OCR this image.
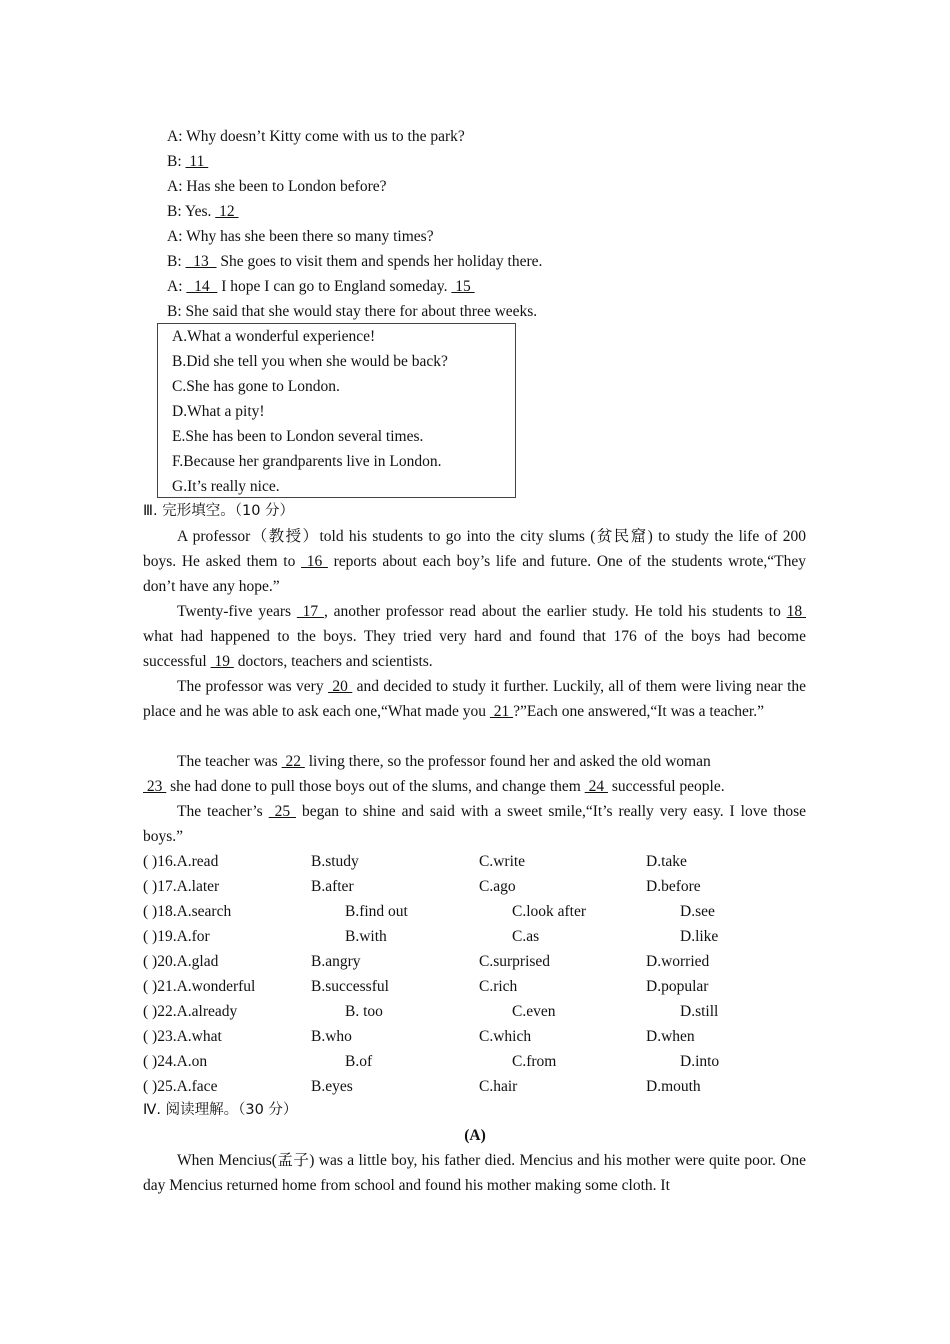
A: Why doesn’t Kitty come with us to the park?
B:  11
A: Has she been to London before?
B: Yes.  12
A: Why has she been there so many times?
B:   13   She goes to visit them and spends her holiday there.
A:   14   I hope I can go to England someday.  15
B: She said that she would stay there for about three weeks.
A.What a wonderful experience!
B.Did she tell you when she would be back?
C.She has gone to London.
D.What a pity!
E.She has been to London several times.
F.Because her grandparents live in London.
G.It’s really nice.
Ⅲ. 完形填空。（10 分）
A professor（教授）told his students to go into the city slums (贫民窟) to study the life of 200 boys. He asked them to  16  reports about each boy’s life and future. One of the students wrote,“They don’t have any hope.”
Twenty-five years  17 , another professor read about the earlier study. He told his students to 18  what had happened to the boys. They tried very hard and found that 176 of the boys had become successful  19  doctors, teachers and scientists.
The professor was very  20  and decided to study it further. Luckily, all of them were living near the place and he was able to ask each one,“What made you  21 ?”Each one answered,“It was a teacher.”
The teacher was  22  living there, so the professor found her and asked the old woman
23  she had done to pull those boys out of the slums, and change them  24  successful people.
The teacher’s  25  began to shine and said with a sweet smile,“It’s really very easy. I love those boys.”
( )16.A.read	B.study	C.write	D.take
( )17.A.later	B.after	C.ago	D.before
( )18.A.search	B.find out	C.look after	D.see
( )19.A.for	B.with	C.as	D.like
( )20.A.glad	B.angry	C.surprised	D.worried
( )21.A.wonderful	B.successful	C.rich	D.popular
( )22.A.already	B. too	C.even	D.still
( )23.A.what	B.who	C.which	D.when
( )24.A.on	B.of	C.from	D.into
( )25.A.face	B.eyes	C.hair	D.mouth
Ⅳ. 阅读理解。（30 分）
(A)
When Mencius(孟子) was a little boy, his father died. Mencius and his mother were quite poor. One day Mencius returned home from school and found his mother making some cloth. It
